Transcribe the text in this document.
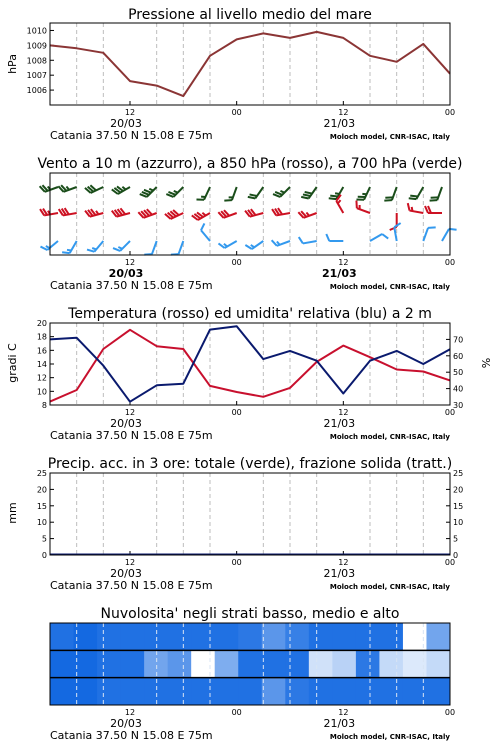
Pressione al livello medio del mare
Vento a 10 m (azzurro), a 850 hPa (rosso), a 700 hPa (verde)
Temperatura (rosso) ed umidita' relativa (blu) a 2 m
Precip. acc. in 3 ore: totale (verde), frazione solida (tratt.)
Nuvolosita' negli strati basso, medio e alto
hPa
gradi C	%
mm
12	00	12	00
20/03	21/03
Catania 37.50 N 15.08 E 75m	Moloch model, CNR-ISAC, Italy
12	00	12	00
20/03	21/03
Catania 37.50 N 15.08 E 75m	Moloch model, CNR-ISAC, Italy
12	00	12	00
20/03	21/03
Catania 37.50 N 15.08 E 75m	Moloch model, CNR-ISAC, Italy
12	00	12	00
20/03	21/03
Catania 37.50 N 15.08 E 75m	Moloch model, CNR-ISAC, Italy
12	00	12	00
20/03	21/03
Catania 37.50 N 15.08 E 75m	Moloch model, CNR-ISAC, Italy
1006
1007
1008
1009
1010
8
10
12
14
16
18
20
30
40
50
60
70
0
5
10
15
20
25
0
5
10
15
20
25
